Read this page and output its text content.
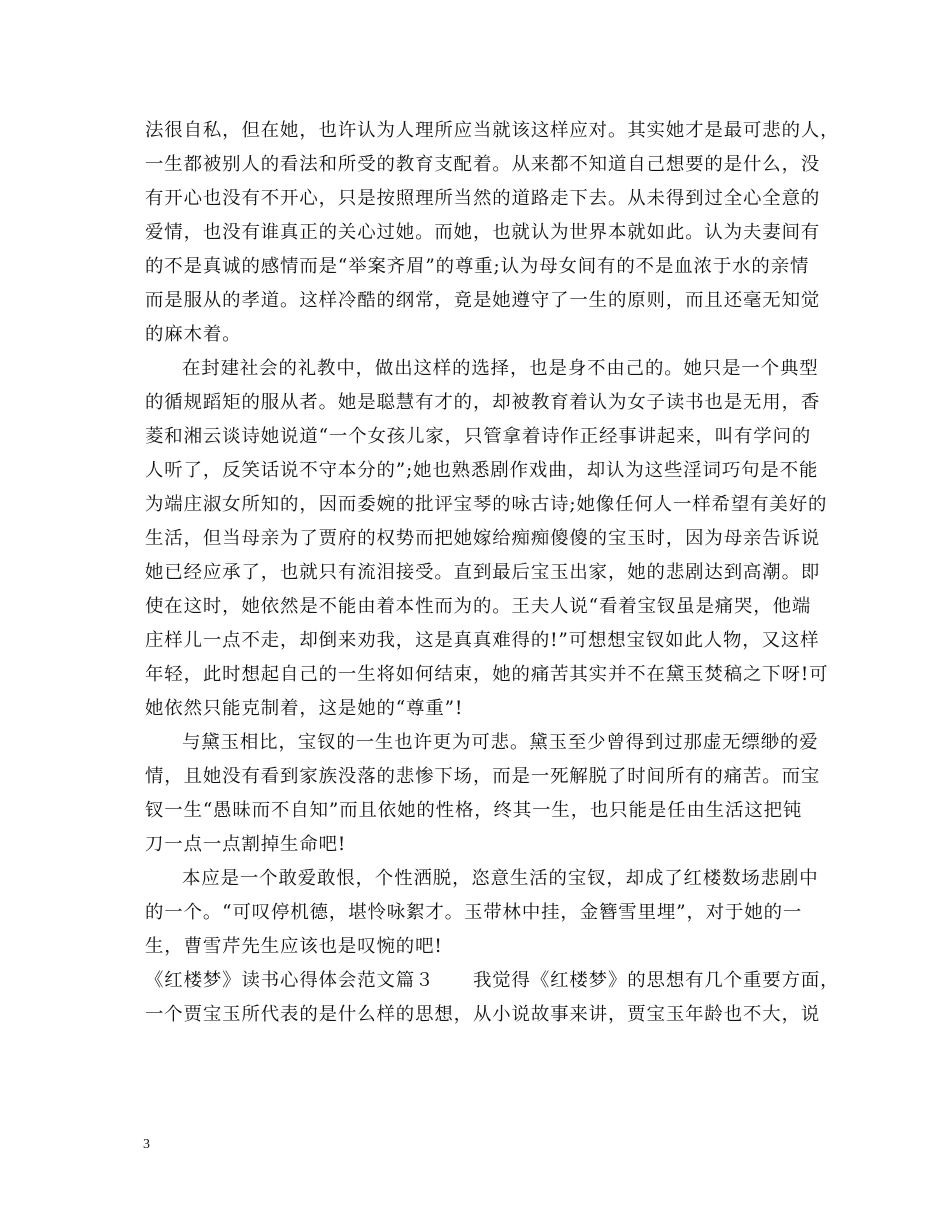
法很自私，但在她，也许认为人理所应当就该这样应对。其实她才是最可悲的人，
一生都被别人的看法和所受的教育支配着。从来都不知道自己想要的是什么，没
有开心也没有不开心，只是按照理所当然的道路走下去。从未得到过全心全意的
爱情，也没有谁真正的关心过她。而她，也就认为世界本就如此。认为夫妻间有
的不是真诚的感情而是“举案齐眉”的尊重;认为母女间有的不是血浓于水的亲情
而是服从的孝道。这样冷酷的纲常，竟是她遵守了一生的原则，而且还毫无知觉
的麻木着。
在封建社会的礼教中，做出这样的选择，也是身不由己的。她只是一个典型
的循规蹈矩的服从者。她是聪慧有才的，却被教育着认为女子读书也是无用，香
菱和湘云谈诗她说道“一个女孩儿家，只管拿着诗作正经事讲起来，叫有学问的
人听了，反笑话说不守本分的”;她也熟悉剧作戏曲，却认为这些淫词巧句是不能
为端庄淑女所知的，因而委婉的批评宝琴的咏古诗;她像任何人一样希望有美好的
生活，但当母亲为了贾府的权势而把她嫁给痴痴傻傻的宝玉时，因为母亲告诉说
她已经应承了，也就只有流泪接受。直到最后宝玉出家，她的悲剧达到高潮。即
使在这时，她依然是不能由着本性而为的。王夫人说“看着宝钗虽是痛哭，他端
庄样儿一点不走，却倒来劝我，这是真真难得的!”可想想宝钗如此人物，又这样
年轻，此时想起自己的一生将如何结束，她的痛苦其实并不在黛玉焚稿之下呀!可
她依然只能克制着，这是她的“尊重”!
与黛玉相比，宝钗的一生也许更为可悲。黛玉至少曾得到过那虚无缥缈的爱
情，且她没有看到家族没落的悲惨下场，而是一死解脱了时间所有的痛苦。而宝
钗一生“愚昧而不自知”而且依她的性格，终其一生，也只能是任由生活这把钝
刀一点一点割掉生命吧!
本应是一个敢爱敢恨，个性洒脱，恣意生活的宝钗，却成了红楼数场悲剧中
的一个。“可叹停机德，堪怜咏絮才。玉带林中挂，金簪雪里埋”，对于她的一
生，曹雪芹先生应该也是叹惋的吧!
《红楼梦》读书心得体会范文篇３　　我觉得《红楼梦》的思想有几个重要方面，
一个贾宝玉所代表的是什么样的思想，从小说故事来讲，贾宝玉年龄也不大，说
3
